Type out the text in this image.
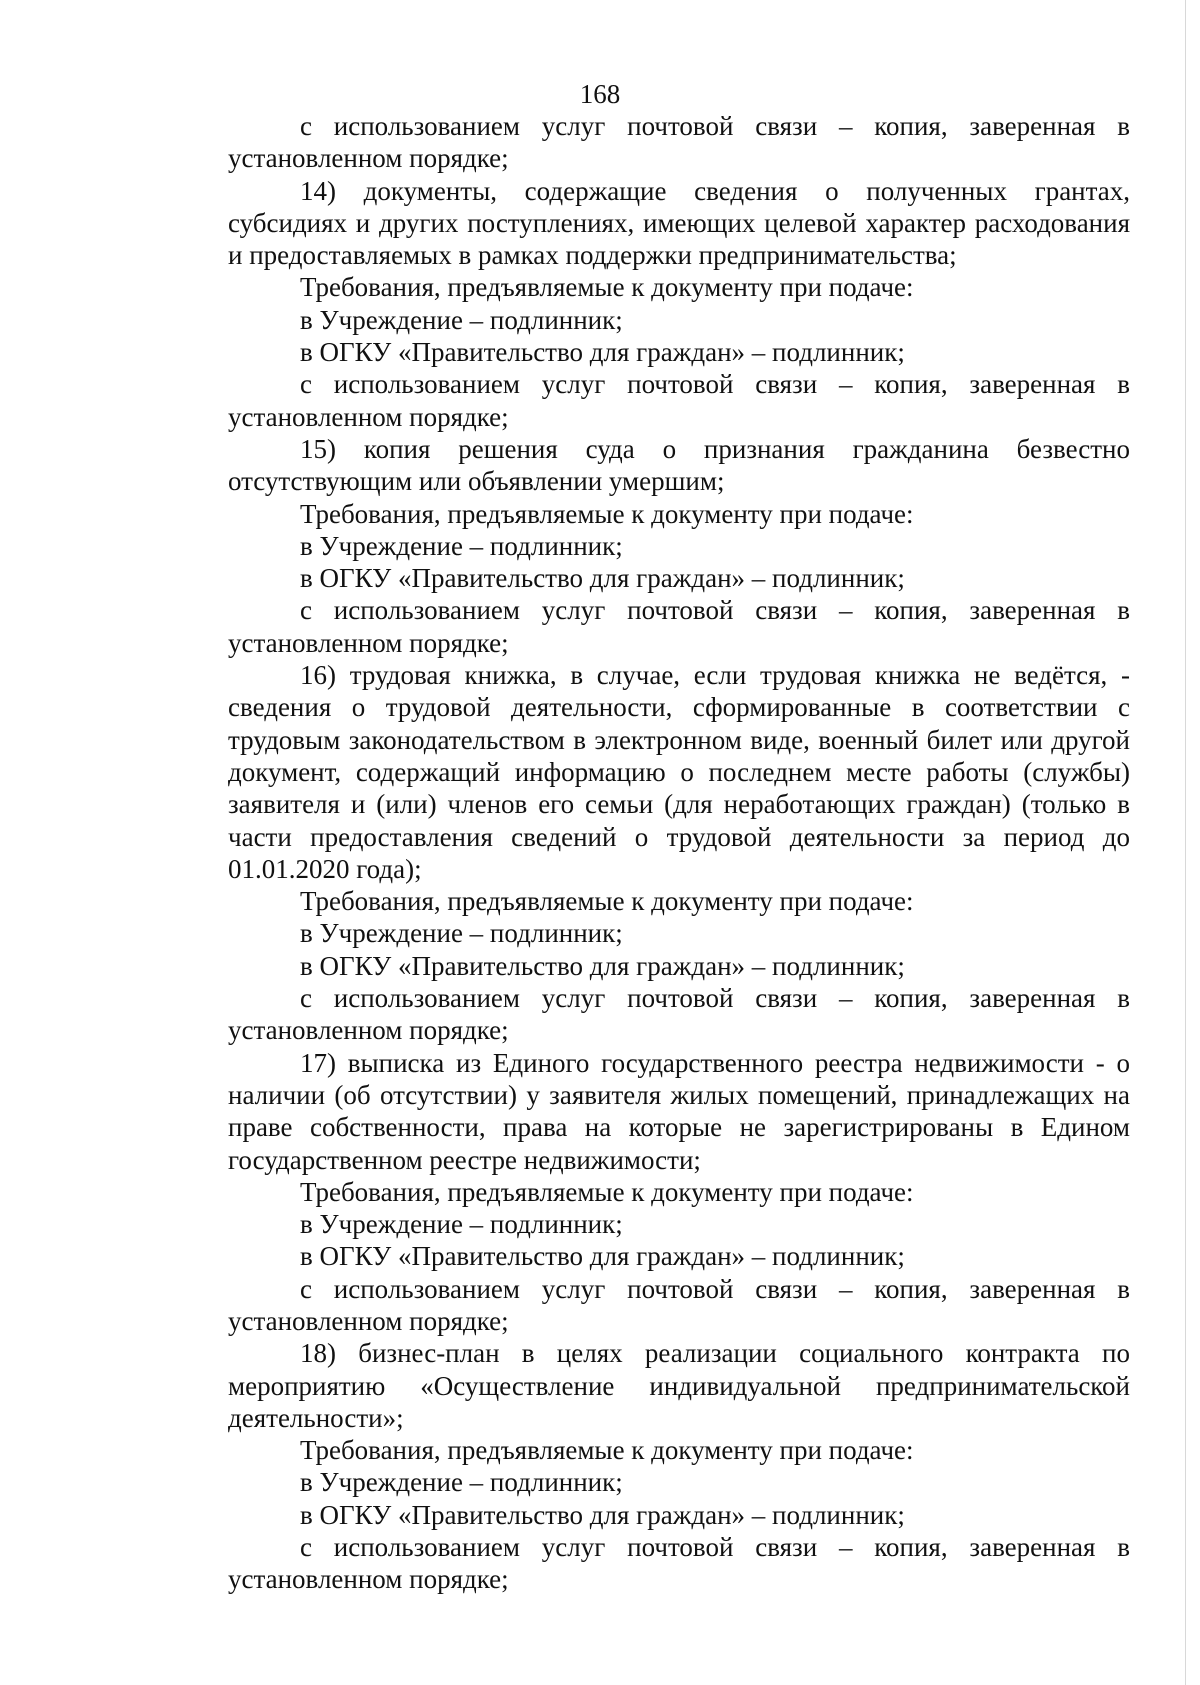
168

с использованием услуг почтовой связи – копия, заверенная в установленном порядке;

14) документы, содержащие сведения о полученных грантах, субсидиях и других поступлениях, имеющих целевой характер расходования и предоставляемых в рамках поддержки предпринимательства;

Требования, предъявляемые к документу при подаче:

в Учреждение – подлинник;

в ОГКУ «Правительство для граждан» – подлинник;

с использованием услуг почтовой связи – копия, заверенная в установленном порядке;

15) копия решения суда о признания гражданина безвестно отсутствующим или объявлении умершим;

Требования, предъявляемые к документу при подаче:

в Учреждение – подлинник;

в ОГКУ «Правительство для граждан» – подлинник;

с использованием услуг почтовой связи – копия, заверенная в установленном порядке;

16) трудовая книжка, в случае, если трудовая книжка не ведётся, - сведения о трудовой деятельности, сформированные в соответствии с трудовым законодательством в электронном виде, военный билет или другой документ, содержащий информацию о последнем месте работы (службы) заявителя и (или) членов его семьи (для неработающих граждан) (только в части предоставления сведений о трудовой деятельности за период до 01.01.2020 года);

Требования, предъявляемые к документу при подаче:

в Учреждение – подлинник;

в ОГКУ «Правительство для граждан» – подлинник;

с использованием услуг почтовой связи – копия, заверенная в установленном порядке;

17) выписка из Единого государственного реестра недвижимости - о наличии (об отсутствии) у заявителя жилых помещений, принадлежащих на праве собственности, права на которые не зарегистрированы в Едином государственном реестре недвижимости;

Требования, предъявляемые к документу при подаче:

в Учреждение – подлинник;

в ОГКУ «Правительство для граждан» – подлинник;

с использованием услуг почтовой связи – копия, заверенная в установленном порядке;

18) бизнес-план в целях реализации социального контракта по мероприятию «Осуществление индивидуальной предпринимательской деятельности»;

Требования, предъявляемые к документу при подаче:

в Учреждение – подлинник;

в ОГКУ «Правительство для граждан» – подлинник;

с использованием услуг почтовой связи – копия, заверенная в установленном порядке;
